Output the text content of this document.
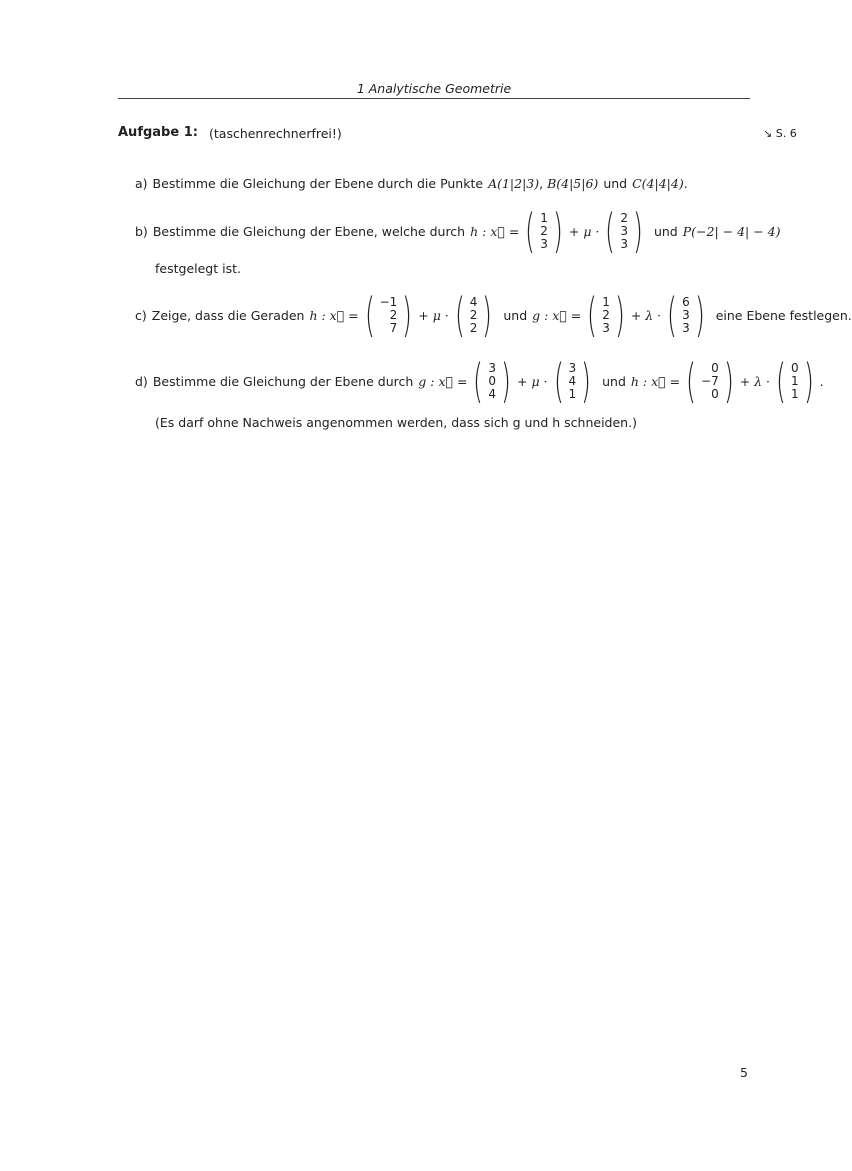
1 Analytische Geometrie
Aufgabe 1: (taschenrechnerfrei!)	↘ S. 6
a) Bestimme die Gleichung der Ebene durch die Punkte A(1|2|3) , B(4|5|6) und C(4|4|4) .
b) Bestimme die Gleichung der Ebene, welche durch h : x⃗ = ( 1
2
3 ) + μ · ( 2
3
3 ) und P(−2| − 4| − 4)
festgelegt ist.
c) Zeige, dass die Geraden h : x⃗ = ( −1
2
7 ) + μ · ( 4
2
2 ) und g : x⃗ = ( 1
2
3 ) + λ · ( 6
3
3 ) eine Ebene festlegen.
d) Bestimme die Gleichung der Ebene durch g : x⃗ = ( 3
0
4 ) + μ · ( 3
4
1 ) und h : x⃗ = ( 0
−7
0 ) + λ · ( 0
1
1 ) .
(Es darf ohne Nachweis angenommen werden, dass sich g und h schneiden.)
5
